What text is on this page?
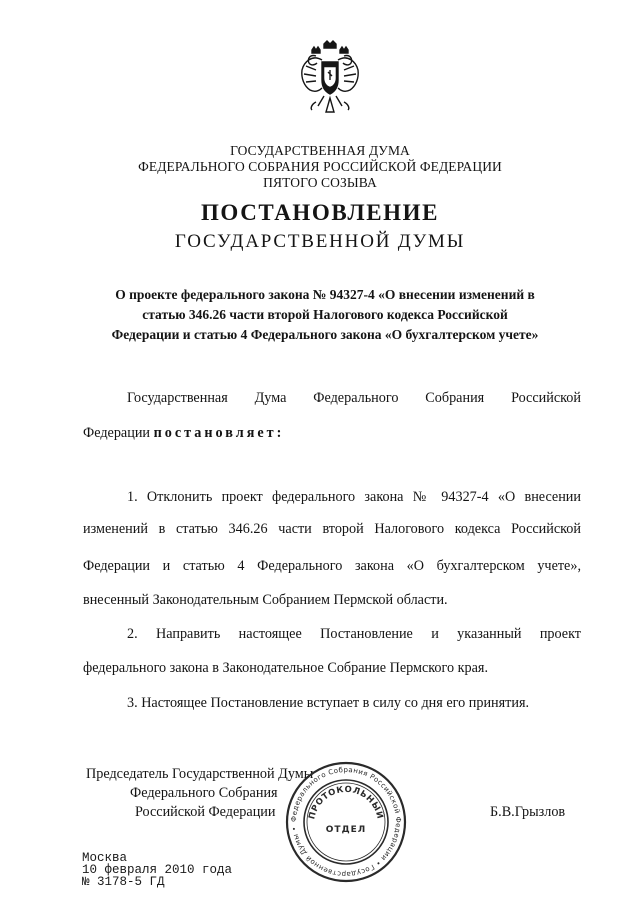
ГОСУДАРСТВЕННАЯ ДУМА
ФЕДЕРАЛЬНОГО СОБРАНИЯ РОССИЙСКОЙ ФЕДЕРАЦИИ
ПЯТОГО СОЗЫВА
ПОСТАНОВЛЕНИЕ
ГОСУДАРСТВЕННОЙ ДУМЫ
О проекте федерального закона № 94327-4 «О внесении изменений в
статью 346.26 части второй Налогового кодекса Российской
Федерации и статью 4 Федерального закона «О бухгалтерском учете»
Государственная Дума Федерального Собрания Российской
Федерации постановляет:
1. Отклонить проект федерального закона № 94327-4 «О внесении
изменений в статью 346.26 части второй Налогового кодекса Российской
Федерации и статью 4 Федерального закона «О бухгалтерском учете»,
внесенный Законодательным Собранием Пермской области.
2. Направить настоящее Постановление и указанный проект
федерального закона в Законодательное Собрание Пермского края.
3. Настоящее Постановление вступает в силу со дня его принятия.
Председатель Государственной Думы
Федерального Собрания
Российской Федерации	Б.В.Грызлов
Федерального Собрания Российской Федерации • Государственной Думы •
ПРОТОКОЛЬНЫЙ
ОТДЕЛ
Москва
10 февраля 2010 года
№ 3178-5 ГД
